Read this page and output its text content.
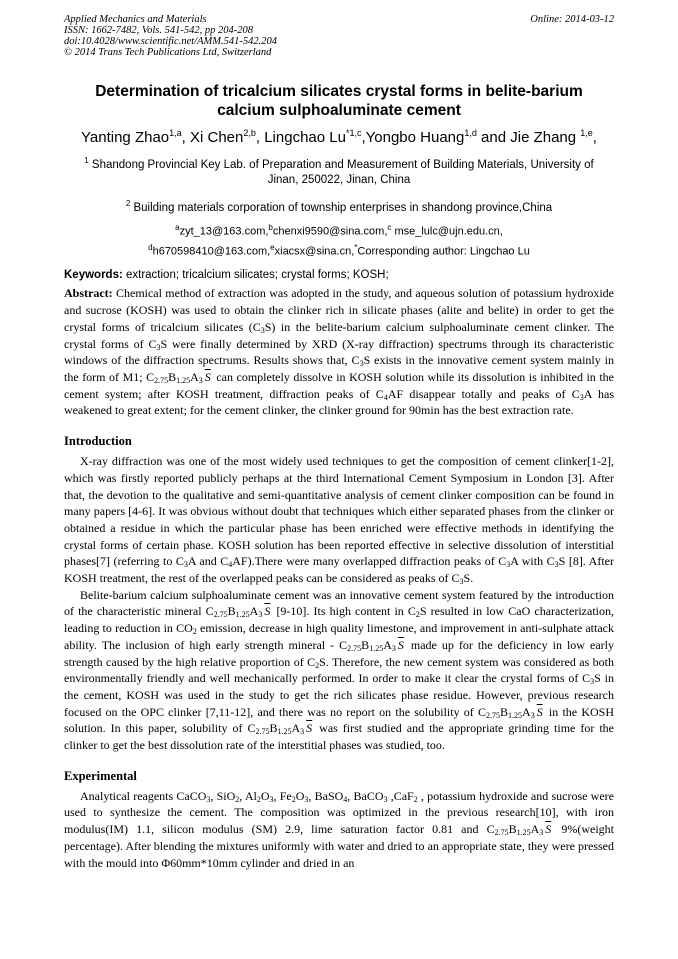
Applied Mechanics and Materials
ISSN: 1662-7482, Vols. 541-542, pp 204-208
doi:10.4028/www.scientific.net/AMM.541-542.204
© 2014 Trans Tech Publications Ltd, Switzerland
Online: 2014-03-12
Determination of tricalcium silicates crystal forms in belite-barium
calcium sulphoaluminate cement
Yanting Zhao$^{1,a}$, Xi Chen$^{2,b}$, Lingchao Lu$^{*1,c}$,Yongbo Huang$^{1,d}$ and Jie Zhang $^{1,e}$,
$^1$ Shandong Provincial Key Lab. of Preparation and Measurement of Building Materials, University of
Jinan, 250022, Jinan, China
$^2$ Building materials corporation of township enterprises in shandong province,China
$^a$zyt_13@163.com,$^b$chenxi9590@sina.com,$^c$ mse_lulc@ujn.edu.cn,
$^d$h670598410@163.com,$^e$xiacsx@sina.cn,*Corresponding author: Lingchao Lu
Keywords: extraction; tricalcium silicates; crystal forms; KOSH;
Abstract: Chemical method of extraction was adopted in the study, and aqueous solution of potassium hydroxide and sucrose (KOSH) was used to obtain the clinker rich in silicate phases (alite and belite) in order to get the crystal forms of tricalcium silicates $(C_3S)$ in the belite-barium calcium sulphoaluminate cement clinker. The crystal forms of $C_3S$ were finally determined by XRD (X-ray diffraction) spectrums through its characteristic windows of the diffraction spectrums. Results shows that, $C_3S$ exists in the innovative cement system mainly in the form of M1; $C_{2.75}B_{1.25}A_3$ $\overline{S}$ can completely dissolve in KOSH solution while its dissolution is inhibited in the cement system; after KOSH treatment, diffraction peaks of $C_4AF$ disappear totally and peaks of $C_3A$ has weakened to great extent; for the cement clinker, the clinker ground for 90min has the best extraction rate.
Introduction
X-ray diffraction was one of the most widely used techniques to get the composition of cement clinker[1-2], which was firstly reported publicly perhaps at the third International Cement Symposium in London [3]. After that, the devotion to the qualitative and semi-quantitative analysis of cement clinker composition can be found in many papers [4-6]. It was obvious without doubt that techniques which either separated phases from the clinker or obtained a residue in which the particular phase has been enriched were effective methods in identifying the crystal forms of certain phase. KOSH solution has been reported effective in selective dissolution of interstitial phases[7] (referring to $C_3A$ and $C_4AF).There$ were many overlapped diffraction peaks of $C_3A$ with $C_3S$ [8]. After KOSH treatment, the rest of the overlapped peaks can be considered as peaks of $C_3S$.
Belite-barium calcium sulphoaluminate cement was an innovative cement system featured by the introduction of the characteristic mineral $C_{2.75}B_{1.25}A_3$ $\overline{S}$ [9-10]. Its high content in $C_2S$ resulted in low CaO characterization, leading to reduction in $CO_2$ emission, decrease in high quality limestone, and improvement in anti-sulphate attack ability. The inclusion of high early strength mineral - $C_{2.75}B_{1.25}A_3$ $\overline{S}$ made up for the deficiency in low early strength caused by the high relative proportion of $C_2S$. Therefore, the new cement system was considered as both environmentally friendly and well mechanically performed. In order to make it clear the crystal forms of $C_3S$ in the cement, KOSH was used in the study to get the rich silicates phase residue. However, previous research focused on the OPC clinker [7,11-12], and there was no report on the solubility of $C_{2.75}B_{1.25}A_3$ $\overline{S}$ in the KOSH solution. In this paper, solubility of $C_{2.75}B_{1.25}A_3$ $\overline{S}$ was first studied and the appropriate grinding time for the clinker to get the best dissolution rate of the interstitial phases was studied, too.
Experimental
Analytical reagents CaCO$_3$, SiO$_2$, $Al_2O_3$, $Fe_2O_3$, BaSO$_4$, BaCO$_3$ ,CaF$_2$ , potassium hydroxide and sucrose were used to synthesize the cement. The composition was optimized in the previous research[10], with iron modulus(IM) 1.1, silicon modulus (SM) 2.9, lime saturation factor 0.81 and $C_{2.75}B_{1.25}A_3$ $\overline{S}$ 9%(weight percentage). After blending the mixtures uniformly with water and dried to an appropriate state, they were pressed with the mould into Φ60mm*10mm cylinder and dried in an
